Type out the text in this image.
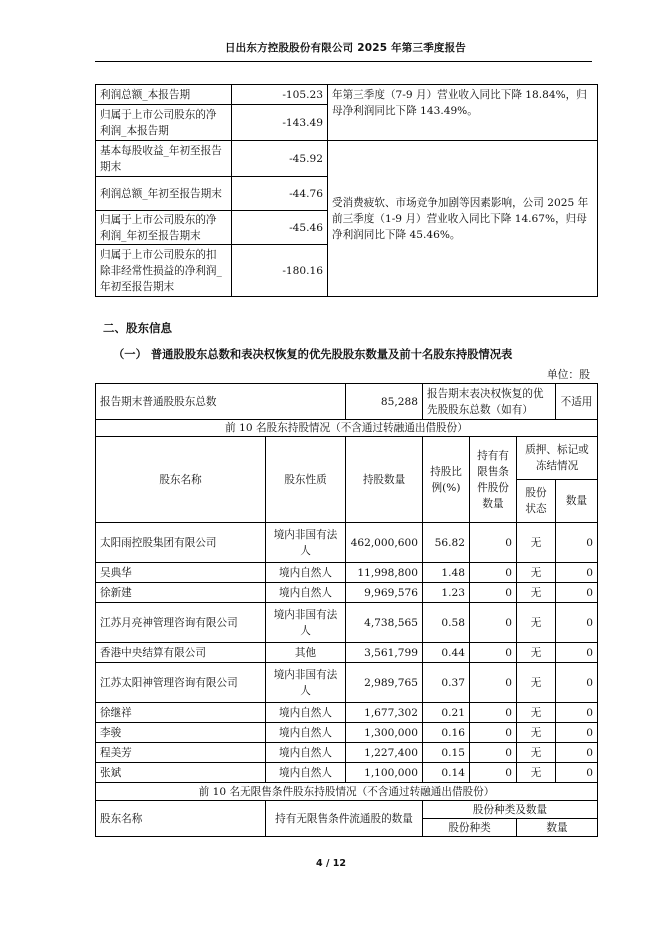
日出东方控股股份有限公司 2025 年第三季度报告
利润总额_本报告期	-105.23	年第三季度（7-9 月）营业收入同比下降 18.84%，归母净利润同比下降 143.49%。
归属于上市公司股东的净利润_本报告期	-143.49	
基本每股收益_年初至报告期末	-45.92	受消费疲软、市场竞争加剧等因素影响，公司 2025 年前三季度（1-9 月）营业收入同比下降 14.67%，归母净利润同比下降 45.46%。
利润总额_年初至报告期末	-44.76	
归属于上市公司股东的净利润_年初至报告期末	-45.46	
归属于上市公司股东的扣除非经常性损益的净利润_年初至报告期末	-180.16	
二、股东信息
（一） 普通股股东总数和表决权恢复的优先股股东数量及前十名股东持股情况表
单位：股
报告期末普通股股东总数		85,288	报告期末表决权恢复的优先股股东总数（如有）			不适用
前 10 名股东持股情况（不含通过转融通出借股份）						
股东名称	股东性质	持股数量	持股比例(%)	持有有限售条件股份数量	质押、标记或冻结情况	
					股份状态	数量
太阳雨控股集团有限公司	境内非国有法人	462,000,600	56.82	0	无	0
吴典华	境内自然人	11,998,800	1.48	0	无	0
徐新建	境内自然人	9,969,576	1.23	0	无	0
江苏月亮神管理咨询有限公司	境内非国有法人	4,738,565	0.58	0	无	0
香港中央结算有限公司	其他	3,561,799	0.44	0	无	0
江苏太阳神管理咨询有限公司	境内非国有法人	2,989,765	0.37	0	无	0
徐继祥	境内自然人	1,677,302	0.21	0	无	0
李骏	境内自然人	1,300,000	0.16	0	无	0
程美芳	境内自然人	1,227,400	0.15	0	无	0
张斌	境内自然人	1,100,000	0.14	0	无	0
前 10 名无限售条件股东持股情况（不含通过转融通出借股份）						
股东名称	持有无限售条件流通股的数量		股份种类及数量			
			股份种类		数量	
4 / 12
